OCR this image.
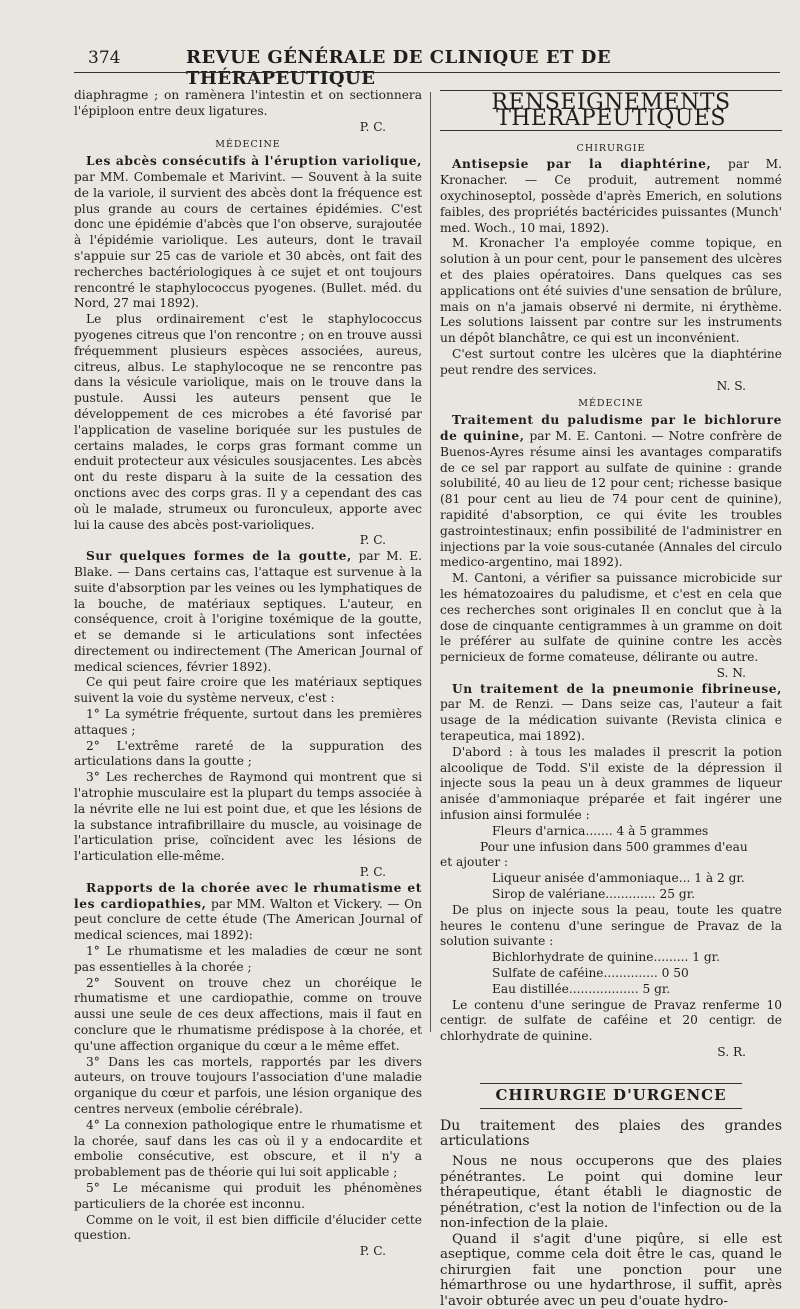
374	REVUE GÉNÉRALE DE CLINIQUE ET DE THÉRAPEUTIQUE

diaphragme ; on ramènera l'intestin et on sectionnera l'épiploon entre deux ligatures.

P. C.

MÉDECINE

Les abcès consécutifs à l'éruption variolique, par MM. Combemale et Marivint. — Souvent à la suite de la variole, il survient des abcès dont la fréquence est plus grande au cours de certaines épidémies. C'est donc une épidémie d'abcès que l'on observe, surajoutée à l'épidémie variolique. Les auteurs, dont le travail s'appuie sur 25 cas de variole et 30 abcès, ont fait des recherches bactériologiques à ce sujet et ont toujours rencontré le staphylococcus pyogenes. (Bullet. méd. du Nord, 27 mai 1892).

Le plus ordinairement c'est le staphylococcus pyogenes citreus que l'on rencontre ; on en trouve aussi fréquemment plusieurs espèces associées, aureus, citreus, albus. Le staphylocoque ne se rencontre pas dans la vésicule variolique, mais on le trouve dans la pustule. Aussi les auteurs pensent que le développement de ces microbes a été favorisé par l'application de vaseline boriquée sur les pustules de certains malades, le corps gras formant comme un enduit protecteur aux vésicules sousjacentes. Les abcès ont du reste disparu à la suite de la cessation des onctions avec des corps gras. Il y a cependant des cas où le malade, strumeux ou furonculeux, apporte avec lui la cause des abcès post-varioliques.

P. C.

Sur quelques formes de la goutte, par M. E. Blake. — Dans certains cas, l'attaque est survenue à la suite d'absorption par les veines ou les lymphatiques de la bouche, de matériaux septiques. L'auteur, en conséquence, croit à l'origine toxémique de la goutte, et se demande si le articulations sont infectées directement ou indirectement (The American Journal of medical sciences, février 1892).

Ce qui peut faire croire que les matériaux septiques suivent la voie du système nerveux, c'est :

1° La symétrie fréquente, surtout dans les premières attaques ;

2° L'extrême rareté de la suppuration des articulations dans la goutte ;

3° Les recherches de Raymond qui montrent que si l'atrophie musculaire est la plupart du temps associée à la névrite elle ne lui est point due, et que les lésions de la substance intrafibrillaire du muscle, au voisinage de l'articulation prise, coïncident avec les lésions de l'articulation elle-même.

P. C.

Rapports de la chorée avec le rhumatisme et les cardiopathies, par MM. Walton et Vickery. — On peut conclure de cette étude (The American Journal of medical sciences, mai 1892):

1° Le rhumatisme et les maladies de cœur ne sont pas essentielles à la chorée ;

2° Souvent on trouve chez un choréique le rhumatisme et une cardiopathie, comme on trouve aussi une seule de ces deux affections, mais il faut en conclure que le rhumatisme prédispose à la chorée, et qu'une affection organique du cœur a le même effet.

3° Dans les cas mortels, rapportés par les divers auteurs, on trouve toujours l'association d'une maladie organique du cœur et parfois, une lésion organique des centres nerveux (embolie cérébrale).

4° La connexion pathologique entre le rhumatisme et la chorée, sauf dans les cas où il y a endocardite et embolie consécutive, est obscure, et il n'y a probablement pas de théorie qui lui soit applicable ;

5° Le mécanisme qui produit les phénomènes particuliers de la chorée est inconnu.

Comme on le voit, il est bien difficile d'élucider cette question.

P. C.

RENSEIGNEMENTS THÉRAPEUTIQUES

CHIRURGIE

Antisepsie par la diaphtérine, par M. Kronacher. — Ce produit, autrement nommé oxychinoseptol, possède d'après Emerich, en solutions faibles, des propriétés bactéricides puissantes (Munch' med. Woch., 10 mai, 1892).

M. Kronacher l'a employée comme topique, en solution à un pour cent, pour le pansement des ulcères et des plaies opératoires. Dans quelques cas ses applications ont été suivies d'une sensation de brûlure, mais on n'a jamais observé ni dermite, ni érythème. Les solutions laissent par contre sur les instruments un dépôt blanchâtre, ce qui est un inconvénient.

C'est surtout contre les ulcères que la diaphtérine peut rendre des services.

N. S.

MÉDECINE

Traitement du paludisme par le bichlorure de quinine, par M. E. Cantoni. — Notre confrère de Buenos-Ayres résume ainsi les avantages comparatifs de ce sel par rapport au sulfate de quinine : grande solubilité, 40 au lieu de 12 pour cent; richesse basique (81 pour cent au lieu de 74 pour cent de quinine), rapidité d'absorption, ce qui évite les troubles gastrointestinaux; enfin possibilité de l'administrer en injections par la voie sous-cutanée (Annales del circulo medico-argentino, mai 1892).

M. Cantoni, a vérifier sa puissance microbicide sur les hématozoaires du paludisme, et c'est en cela que ces recherches sont originales Il en conclut que à la dose de cinquante centigrammes à un gramme on doit le préférer au sulfate de quinine contre les accès pernicieux de forme comateuse, délirante ou autre.

S. N.

Un traitement de la pneumonie fibrineuse, par M. de Renzi. — Dans seize cas, l'auteur a fait usage de la médication suivante (Revista clinica e terapeutica, mai 1892).

D'abord : à tous les malades il prescrit la potion alcoolique de Todd. S'il existe de la dépression il injecte sous la peau un à deux grammes de liqueur anisée d'ammoniaque préparée et fait ingérer une infusion ainsi formulée :

Fleurs d'arnica....... 4 à 5 grammes

Pour une infusion dans 500 grammes d'eau

et ajouter :

Liqueur anisée d'ammoniaque... 1 à 2 gr.

Sirop de valériane............. 25 gr.

De plus on injecte sous la peau, toute les quatre heures le contenu d'une seringue de Pravaz de la solution suivante :

Bichlorhydrate de quinine......... 1 gr.

Sulfate de caféine.............. 0 50

Eau distillée.................. 5 gr.

Le contenu d'une seringue de Pravaz renferme 10 centigr. de sulfate de caféine et 20 centigr. de chlorhydrate de quinine.

S. R.

CHIRURGIE D'URGENCE

Du traitement des plaies des grandes articulations

Nous ne nous occuperons que des plaies pénétrantes. Le point qui domine leur thérapeutique, étant établi le diagnostic de pénétration, c'est la notion de l'infection ou de la non-infection de la plaie.

Quand il s'agit d'une piqûre, si elle est aseptique, comme cela doit être le cas, quand le chirurgien fait une ponction pour une hémarthrose ou une hydarthrose, il suffit, après l'avoir obturée avec un peu d'ouate hydro-
